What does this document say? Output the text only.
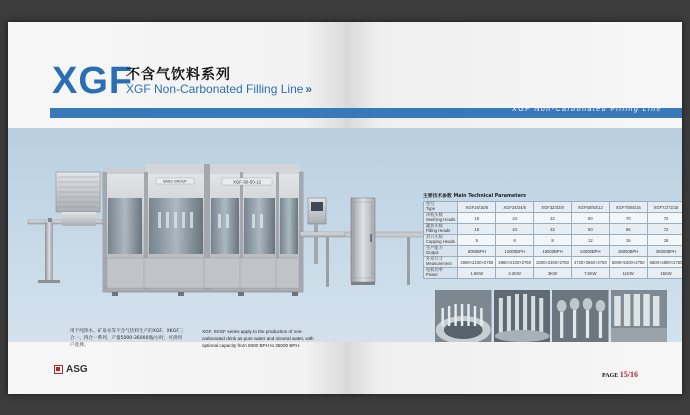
XGF
不含气饮料系列
XGF Non-Carbonated Filling Line »
BASG GROUP	XGF-50-50-12
用于纯净水、矿泉水等不含气饮料生产的XGF、XKGF三合一、四合一系列，产量5000-36000瓶/小时，可供用户选择。
XGF, XKGF series apply to the production of non-carbonated drink as pure water and mineral water, with optional capacity from 5000 BPH to 36000 BPH.
ASG
XGF Non-Carbonated Filling Line
主要技术参数 Main Technical Parameters
型号
Type	XGF16/16/5	XGF24/24/6	XGF32/32/8	XGF50/50/12	XGF70/65/15	XGF72/72/18

冲瓶头数
Washing Heads	16	24	32	50	70	72

灌装头数
Filling Heads	16	24	32	50	65	72

封口头数
Capping Heads	5	6	8	12	15	18

生产能力
Output	6000BPH	12000BPH	15000BPH	24000BPH	28000BPH	36000BPH

外形尺寸
Measurement	2880×2100×2750	2880×2100×2750	3300×2300×2750	4720×3550×2750	6000×5400×2750	6500×4800×2750

电机功率
Power	1.5KW	2.2KW	3KW	7.5KW	11KW	15KW
PAGE 15/16
